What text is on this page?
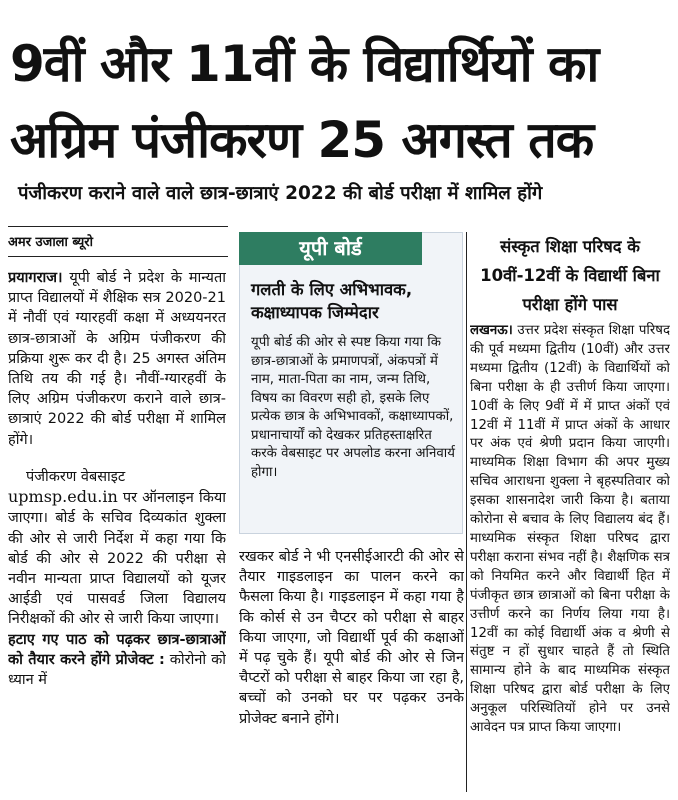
9वीं और 11वीं के विद्यार्थियों का
अग्रिम पंजीकरण 25 अगस्त तक
पंजीकरण कराने वाले वाले छात्र-छात्राएं 2022 की बोर्ड परीक्षा में शामिल होंगे
अमर उजाला ब्यूरो

प्रयागराज। यूपी बोर्ड ने प्रदेश के मान्यता प्राप्त विद्यालयों में शैक्षिक सत्र 2020-21 में नौवीं एवं ग्यारहवीं कक्षा में अध्ययनरत छात्र-छात्राओं के अग्रिम पंजीकरण की प्रक्रिया शुरू कर दी है। 25 अगस्त अंतिम तिथि तय की गई है। नौवीं-ग्यारहवीं के लिए अग्रिम पंजीकरण कराने वाले छात्र-छात्राएं 2022 की बोर्ड परीक्षा में शामिल होंगे।

पंजीकरण वेबसाइट
upmsp.edu.in पर ऑनलाइन किया जाएगा। बोर्ड के सचिव दिव्यकांत शुक्ला की ओर से जारी निर्देश में कहा गया कि बोर्ड की ओर से 2022 की परीक्षा से नवीन मान्यता प्राप्त विद्यालयों को यूजर आईडी एवं पासवर्ड जिला विद्यालय निरीक्षकों की ओर से जारी किया जाएगा।

हटाए गए पाठ को पढ़कर छात्र-छात्राओं को तैयार करने होंगे प्रोजेक्ट : कोरोनो को ध्यान में

यूपी बोर्ड
गलती के लिए अभिभावक, कक्षाध्यापक जिम्मेदार
यूपी बोर्ड की ओर से स्पष्ट किया गया कि छात्र-छात्राओं के प्रमाणपत्रों, अंकपत्रों में नाम, माता-पिता का नाम, जन्म तिथि, विषय का विवरण सही हो, इसके लिए प्रत्येक छात्र के अभिभावकों, कक्षाध्यापकों, प्रधानाचार्यों को देखकर प्रतिहस्ताक्षरित करके वेबसाइट पर अपलोड करना अनिवार्य होगा।
रखकर बोर्ड ने भी एनसीईआरटी की ओर से तैयार गाइडलाइन का पालन करने का फैसला किया है। गाइडलाइन में कहा गया है कि कोर्स से उन चैप्टर को परीक्षा से बाहर किया जाएगा, जो विद्यार्थी पूर्व की कक्षाओं में पढ़ चुके हैं। यूपी बोर्ड की ओर से जिन चैप्टरों को परीक्षा से बाहर किया जा रहा है, बच्चों को उनको घर पर पढ़कर उनके प्रोजेक्ट बनाने होंगे।
संस्कृत शिक्षा परिषद के 10वीं-12वीं के विद्यार्थी बिना परीक्षा होंगे पास

लखनऊ। उत्तर प्रदेश संस्कृत शिक्षा परिषद की पूर्व मध्यमा द्वितीय (10वीं) और उत्तर मध्यमा द्वितीय (12वीं) के विद्यार्थियों को बिना परीक्षा के ही उत्तीर्ण किया जाएगा। 10वीं के लिए 9वीं में में प्राप्त अंकों एवं 12वीं में 11वीं में प्राप्त अंकों के आधार पर अंक एवं श्रेणी प्रदान किया जाएगी। माध्यमिक शिक्षा विभाग की अपर मुख्य सचिव आराधना शुक्ला ने बृहस्पतिवार को इसका शासनादेश जारी किया है। बताया कोरोना से बचाव के लिए विद्यालय बंद हैं। माध्यमिक संस्कृत शिक्षा परिषद द्वारा परीक्षा कराना संभव नहीं है। शैक्षणिक सत्र को नियमित करने और विद्यार्थी हित में पंजीकृत छात्र छात्राओं को बिना परीक्षा के उत्तीर्ण करने का निर्णय लिया गया है। 12वीं का कोई विद्यार्थी अंक व श्रेणी से संतुष्ट न हों सुधार चाहते हैं तो स्थिति सामान्य होने के बाद माध्यमिक संस्कृत शिक्षा परिषद द्वारा बोर्ड परीक्षा के लिए अनुकूल परिस्थितियों होने पर उनसे आवेदन पत्र प्राप्त किया जाएगा।
